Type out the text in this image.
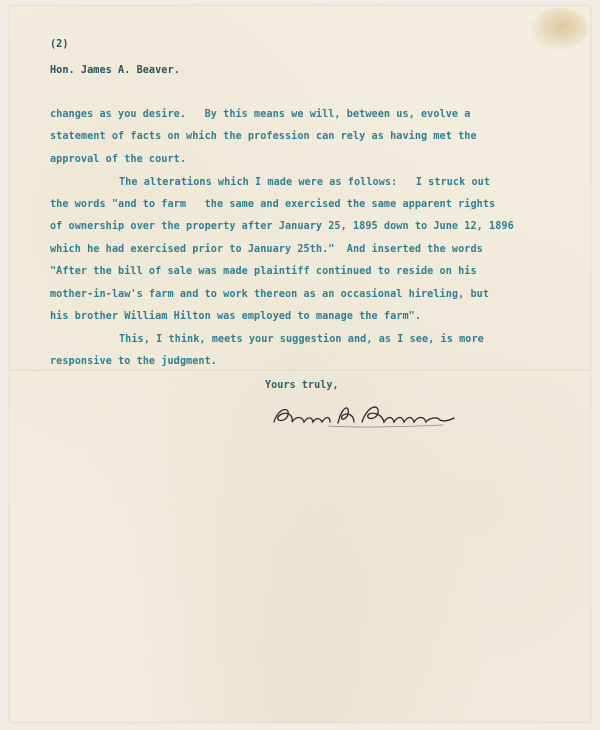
(2)
Hon. James A. Beaver.
changes as you desire.   By this means we will, between us, evolve a
statement of facts on which the profession can rely as having met the
approval of the court.
The alterations which I made were as follows:   I struck out
the words "and to farm   the same and exercised the same apparent rights
of ownership over the property after January 25, 1895 down to June 12, 1896
which he had exercised prior to January 25th."  And inserted the words
"After the bill of sale was made plaintiff continued to reside on his
mother-in-law's farm and to work thereon as an occasional hireling, but
his brother William Hilton was employed to manage the farm".
This, I think, meets your suggestion and, as I see, is more
responsive to the judgment.
Yours truly,
